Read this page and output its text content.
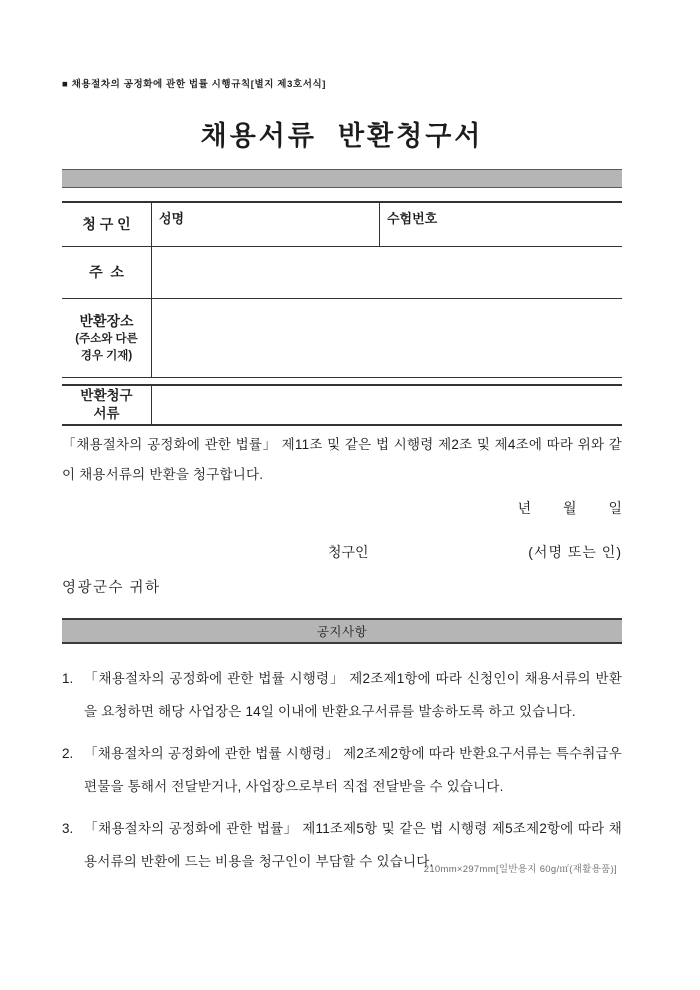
■ 채용절차의 공정화에 관한 법률 시행규칙[별지 제3호서식]
채용서류  반환청구서
청 구 인	성명	수험번호
주  소
반환장소
(주소와 다른
경우 기재)
반환청구
서류
「채용절차의 공정화에 관한 법률」 제11조 및 같은 법 시행령 제2조 및 제4조에 따라 위와 같이 채용서류의 반환을 청구합니다.
년 월 일
청구인	(서명 또는 인)
영광군수 귀하
공지사항
1. 「채용절차의 공정화에 관한 법률 시행령」 제2조제1항에 따라 신청인이 채용서류의 반환을 요청하면 해당 사업장은 14일 이내에 반환요구서류를 발송하도록 하고 있습니다.
2. 「채용절차의 공정화에 관한 법률 시행령」 제2조제2항에 따라 반환요구서류는 특수취급우편물을 통해서 전달받거나, 사업장으로부터 직접 전달받을 수 있습니다.
3. 「채용절차의 공정화에 관한 법률」 제11조제5항 및 같은 법 시행령 제5조제2항에 따라 채용서류의 반환에 드는 비용을 청구인이 부담할 수 있습니다.
210mm×297mm[일반용지 60g/㎡(재활용품)]
